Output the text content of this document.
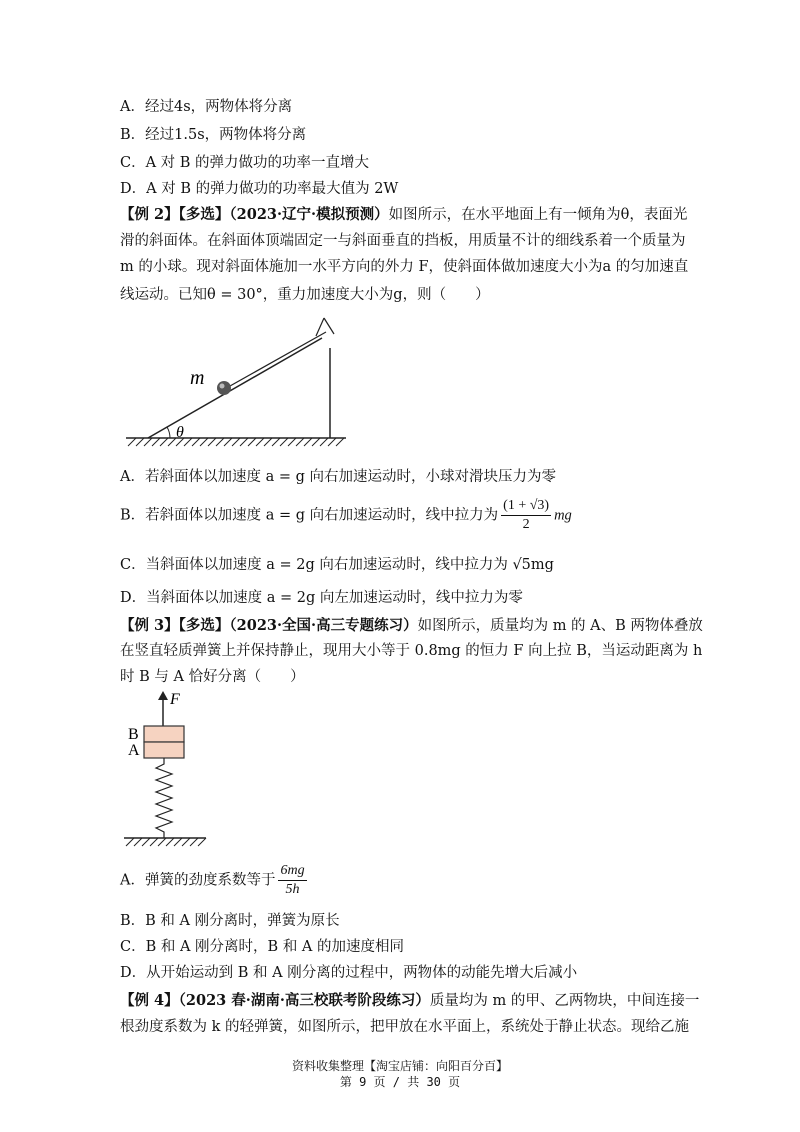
A．经过4s，两物体将分离
B．经过1.5s，两物体将分离
C．A 对 B 的弹力做功的功率一直增大
D．A 对 B 的弹力做功的功率最大值为 2W
【例 2】【多选】（2023·辽宁·模拟预测）如图所示，在水平地面上有一倾角为θ，表面光
滑的斜面体。在斜面体顶端固定一与斜面垂直的挡板，用质量不计的细线系着一个质量为
m 的小球。现对斜面体施加一水平方向的外力 F，使斜面体做加速度大小为a 的匀加速直
线运动。已知θ = 30°，重力加速度大小为g，则（　　）
m
θ
A．若斜面体以加速度 a = g 向右加速运动时，小球对滑块压力为零
B．若斜面体以加速度 a = g 向右加速运动时，线中拉力为 $\frac{(1 + √3)}{2}$ mg
C．当斜面体以加速度 a = 2g 向右加速运动时，线中拉力为 √5mg
D．当斜面体以加速度 a = 2g 向左加速运动时，线中拉力为零
【例 3】【多选】（2023·全国·高三专题练习）如图所示，质量均为 m 的 A、B 两物体叠放
在竖直轻质弹簧上并保持静止，现用大小等于 0.8mg 的恒力 F 向上拉 B，当运动距离为 h
时 B 与 A 恰好分离（　　）
F
B
A
A．弹簧的劲度系数等于 $\frac{6mg}{5h}$
B．B 和 A 刚分离时，弹簧为原长
C．B 和 A 刚分离时，B 和 A 的加速度相同
D．从开始运动到 B 和 A 刚分离的过程中，两物体的动能先增大后减小
【例 4】（2023 春·湖南·高三校联考阶段练习）质量均为 m 的甲、乙两物块，中间连接一
根劲度系数为 k 的轻弹簧，如图所示，把甲放在水平面上，系统处于静止状态。现给乙施
资料收集整理【淘宝店铺：向阳百分百】
第 9 页 / 共 30 页
